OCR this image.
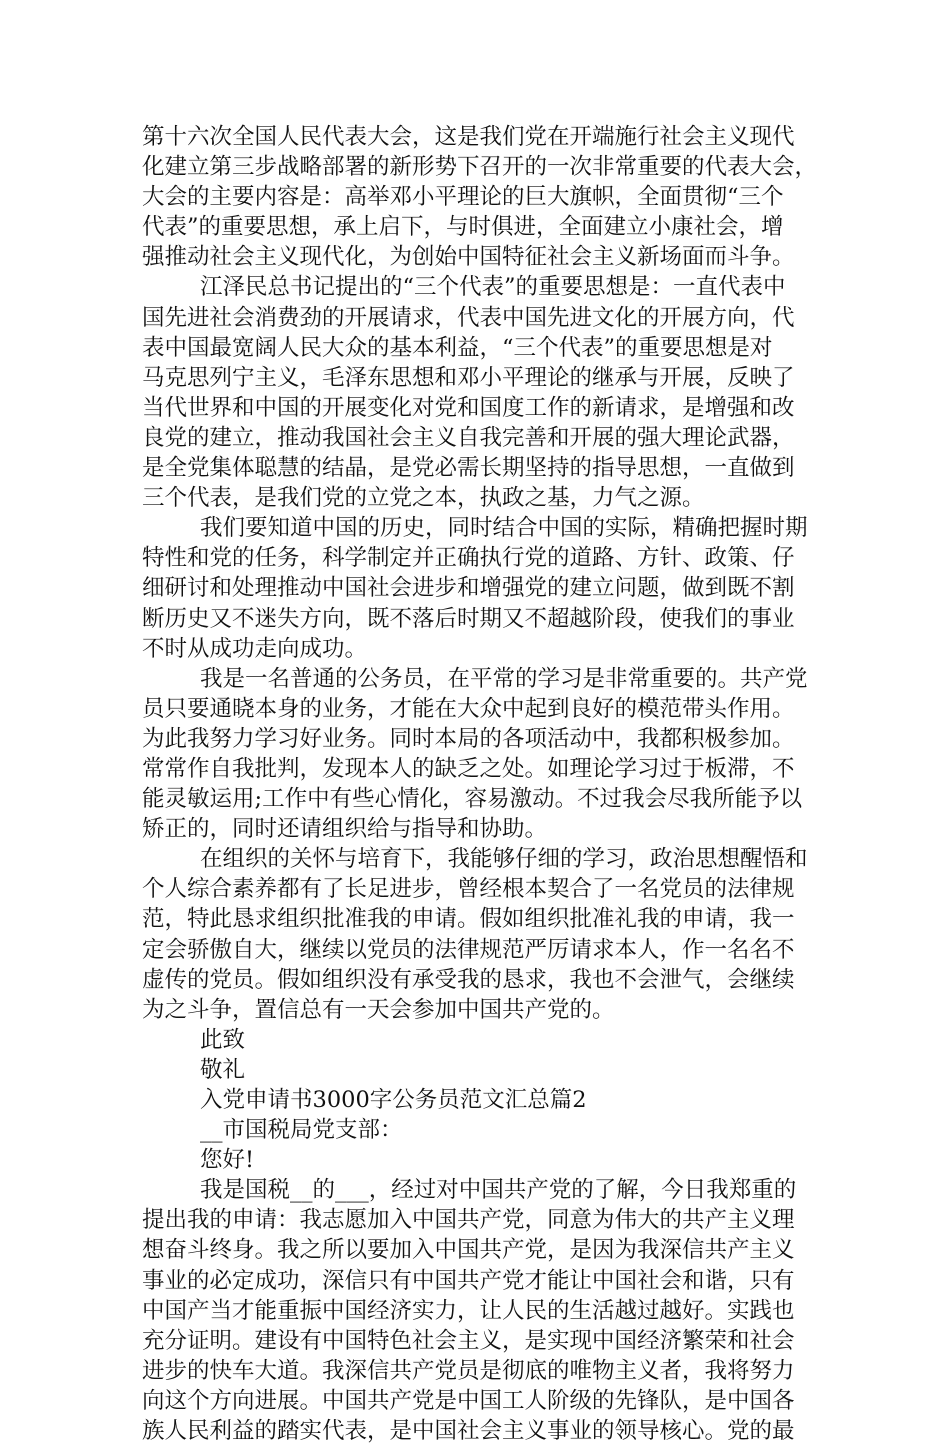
第十六次全国人民代表大会，这是我们党在开端施行社会主义现代
化建立第三步战略部署的新形势下召开的一次非常重要的代表大会，
大会的主要内容是：高举邓小平理论的巨大旗帜，全面贯彻“三个
代表”的重要思想，承上启下，与时俱进，全面建立小康社会，增
强推动社会主义现代化，为创始中国特征社会主义新场面而斗争。
江泽民总书记提出的“三个代表”的重要思想是：一直代表中
国先进社会消费劲的开展请求，代表中国先进文化的开展方向，代
表中国最宽阔人民大众的基本利益，“三个代表”的重要思想是对
马克思列宁主义，毛泽东思想和邓小平理论的继承与开展，反映了
当代世界和中国的开展变化对党和国度工作的新请求，是增强和改
良党的建立，推动我国社会主义自我完善和开展的强大理论武器，
是全党集体聪慧的结晶，是党必需长期坚持的指导思想，一直做到
三个代表，是我们党的立党之本，执政之基，力气之源。
我们要知道中国的历史，同时结合中国的实际，精确把握时期
特性和党的任务，科学制定并正确执行党的道路、方针、政策、仔
细研讨和处理推动中国社会进步和增强党的建立问题，做到既不割
断历史又不迷失方向，既不落后时期又不超越阶段，使我们的事业
不时从成功走向成功。
我是一名普通的公务员，在平常的学习是非常重要的。共产党
员只要通晓本身的业务，才能在大众中起到良好的模范带头作用。
为此我努力学习好业务。同时本局的各项活动中，我都积极参加。
常常作自我批判，发现本人的缺乏之处。如理论学习过于板滞，不
能灵敏运用;工作中有些心情化，容易激动。不过我会尽我所能予以
矫正的，同时还请组织给与指导和协助。
在组织的关怀与培育下，我能够仔细的学习，政治思想醒悟和
个人综合素养都有了长足进步，曾经根本契合了一名党员的法律规
范，特此恳求组织批准我的申请。假如组织批准礼我的申请，我一
定会骄傲自大，继续以党员的法律规范严厉请求本人，作一名名不
虚传的党员。假如组织没有承受我的恳求，我也不会泄气，会继续
为之斗争，置信总有一天会参加中国共产党的。
此致
敬礼
入党申请书3000字公务员范文汇总篇2
__市国税局党支部：
您好!
我是国税__的___，经过对中国共产党的了解，今日我郑重的
提出我的申请：我志愿加入中国共产党，同意为伟大的共产主义理
想奋斗终身。我之所以要加入中国共产党，是因为我深信共产主义
事业的必定成功，深信只有中国共产党才能让中国社会和谐，只有
中国产当才能重振中国经济实力，让人民的生活越过越好。实践也
充分证明。建设有中国特色社会主义，是实现中国经济繁荣和社会
进步的快车大道。我深信共产党员是彻底的唯物主义者，我将努力
向这个方向进展。中国共产党是中国工人阶级的先锋队，是中国各
族人民利益的踏实代表，是中国社会主义事业的领导核心。党的最
